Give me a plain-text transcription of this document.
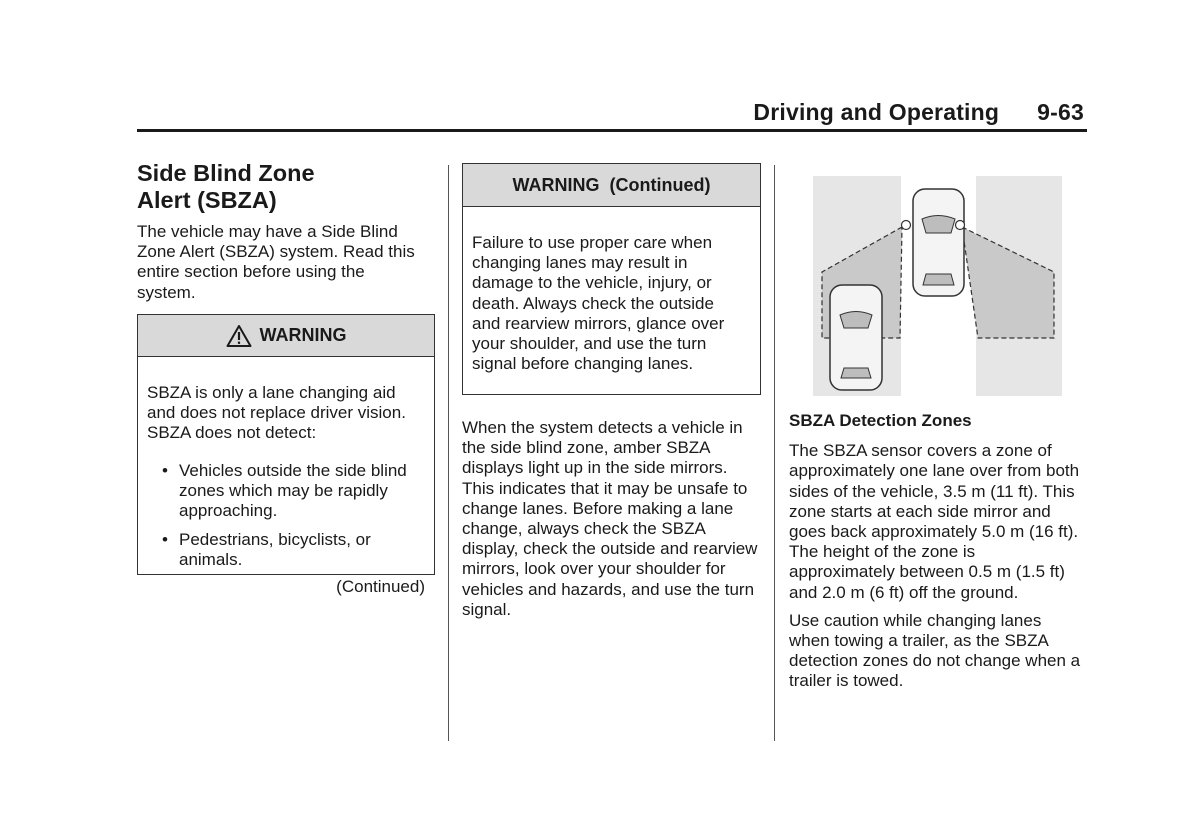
Driving and Operating 9-63
Side Blind Zone
Alert (SBZA)

The vehicle may have a Side Blind Zone Alert (SBZA) system. Read this entire section before using the system.

WARNING

SBZA is only a lane changing aid and does not replace driver vision. SBZA does not detect:

• Vehicles outside the side blind zones which may be rapidly approaching.
• Pedestrians, bicyclists, or animals.
(Continued)
WARNING  (Continued)

Failure to use proper care when changing lanes may result in damage to the vehicle, injury, or death. Always check the outside and rearview mirrors, glance over your shoulder, and use the turn signal before changing lanes.

When the system detects a vehicle in the side blind zone, amber SBZA displays light up in the side mirrors. This indicates that it may be unsafe to change lanes. Before making a lane change, always check the SBZA display, check the outside and rearview mirrors, look over your shoulder for vehicles and hazards, and use the turn signal.

SBZA Detection Zones

The SBZA sensor covers a zone of approximately one lane over from both sides of the vehicle, 3.5 m (11 ft). This zone starts at each side mirror and goes back approximately 5.0 m (16 ft). The height of the zone is approximately between 0.5 m (1.5 ft) and 2.0 m (6 ft) off the ground.

Use caution while changing lanes when towing a trailer, as the SBZA detection zones do not change when a trailer is towed.
